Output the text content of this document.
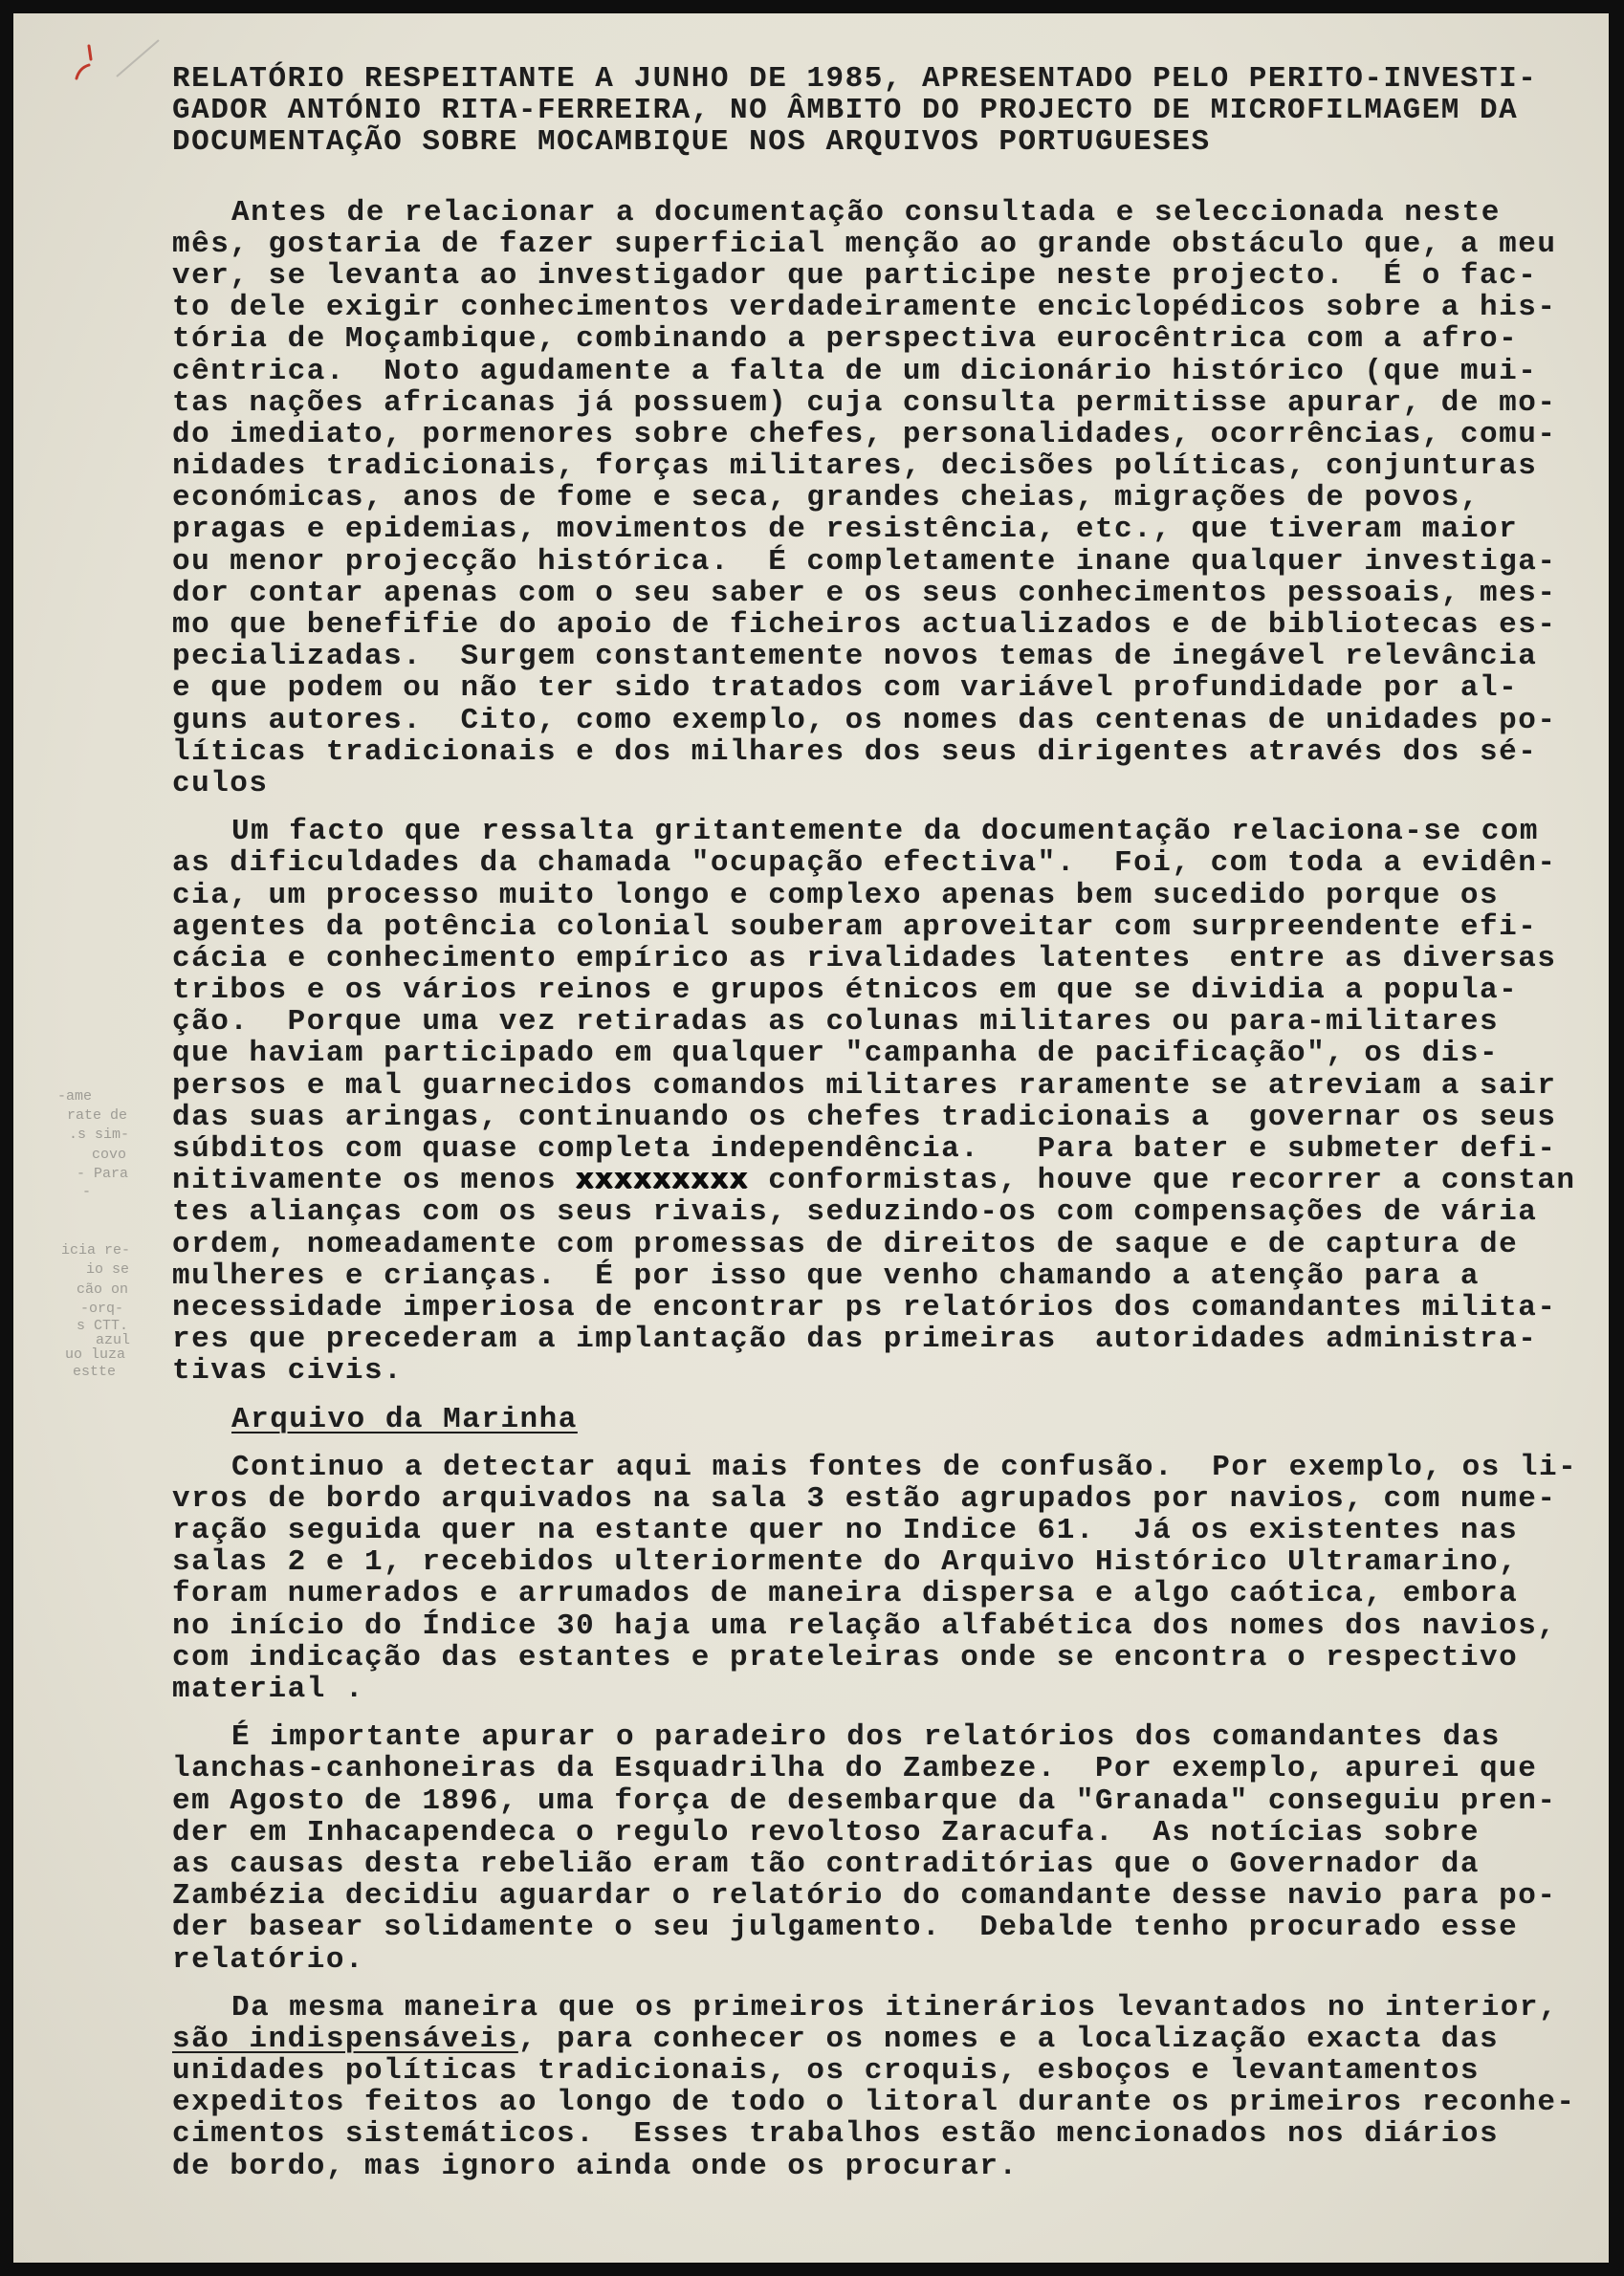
-ame
rate de
.s sim-
covo
- Para
-
icia re-
io se
cão on
-orq-
s CTT.
azul
uo luza
estte
RELATÓRIO RESPEITANTE A JUNHO DE 1985, APRESENTADO PELO PERITO-INVESTI-
GADOR ANTÓNIO RITA-FERREIRA, NO ÂMBITO DO PROJECTO DE MICROFILMAGEM DA
DOCUMENTAÇÃO SOBRE MOCAMBIQUE NOS ARQUIVOS PORTUGUESES
Antes de relacionar a documentação consultada e seleccionada neste
mês, gostaria de fazer superficial menção ao grande obstáculo que, a meu
ver, se levanta ao investigador que participe neste projecto.  É o fac-
to dele exigir conhecimentos verdadeiramente enciclopédicos sobre a his-
tória de Moçambique, combinando a perspectiva eurocêntrica com a afro-
cêntrica.  Noto agudamente a falta de um dicionário histórico (que mui-
tas nações africanas já possuem) cuja consulta permitisse apurar, de mo-
do imediato, pormenores sobre chefes, personalidades, ocorrências, comu-
nidades tradicionais, forças militares, decisões políticas, conjunturas
económicas, anos de fome e seca, grandes cheias, migrações de povos,
pragas e epidemias, movimentos de resistência, etc., que tiveram maior
ou menor projecção histórica.  É completamente inane qualquer investiga-
dor contar apenas com o seu saber e os seus conhecimentos pessoais, mes-
mo que benefifie do apoio de ficheiros actualizados e de bibliotecas es-
pecializadas.  Surgem constantemente novos temas de inegável relevância
e que podem ou não ter sido tratados com variável profundidade por al-
guns autores.  Cito, como exemplo, os nomes das centenas de unidades po-
líticas tradicionais e dos milhares dos seus dirigentes através dos sé-
culos
Um facto que ressalta gritantemente da documentação relaciona-se com
as dificuldades da chamada "ocupação efectiva".  Foi, com toda a evidên-
cia, um processo muito longo e complexo apenas bem sucedido porque os
agentes da potência colonial souberam aproveitar com surpreendente efi-
cácia e conhecimento empírico as rivalidades latentes  entre as diversas
tribos e os vários reinos e grupos étnicos em que se dividia a popula-
ção.  Porque uma vez retiradas as colunas militares ou para-militares
que haviam participado em qualquer "campanha de pacificação", os dis-
persos e mal guarnecidos comandos militares raramente se atreviam a sair
das suas aringas, continuando os chefes tradicionais a  governar os seus
súbditos com quase completa independência.   Para bater e submeter defi-
nitivamente os menos xxxxxxxxx conformistas, houve que recorrer a constan
tes alianças com os seus rivais, seduzindo-os com compensações de vária
ordem, nomeadamente com promessas de direitos de saque e de captura de
mulheres e crianças.  É por isso que venho chamando a atenção para a
necessidade imperiosa de encontrar ps relatórios dos comandantes milita-
res que precederam a implantação das primeiras  autoridades administra-
tivas civis.
Arquivo da Marinha
Continuo a detectar aqui mais fontes de confusão.  Por exemplo, os li-
vros de bordo arquivados na sala 3 estão agrupados por navios, com nume-
ração seguida quer na estante quer no Indice 61.  Já os existentes nas
salas 2 e 1, recebidos ulteriormente do Arquivo Histórico Ultramarino,
foram numerados e arrumados de maneira dispersa e algo caótica, embora
no início do Índice 30 haja uma relação alfabética dos nomes dos navios,
com indicação das estantes e prateleiras onde se encontra o respectivo
material .
É importante apurar o paradeiro dos relatórios dos comandantes das
lanchas-canhoneiras da Esquadrilha do Zambeze.  Por exemplo, apurei que
em Agosto de 1896, uma força de desembarque da "Granada" conseguiu pren-
der em Inhacapendeca o regulo revoltoso Zaracufa.  As notícias sobre
as causas desta rebelião eram tão contraditórias que o Governador da
Zambézia decidiu aguardar o relatório do comandante desse navio para po-
der basear solidamente o seu julgamento.  Debalde tenho procurado esse
relatório.
Da mesma maneira que os primeiros itinerários levantados no interior,
são indispensáveis, para conhecer os nomes e a localização exacta das
unidades políticas tradicionais, os croquis, esboços e levantamentos
expeditos feitos ao longo de todo o litoral durante os primeiros reconhe-
cimentos sistemáticos.  Esses trabalhos estão mencionados nos diários
de bordo, mas ignoro ainda onde os procurar.
